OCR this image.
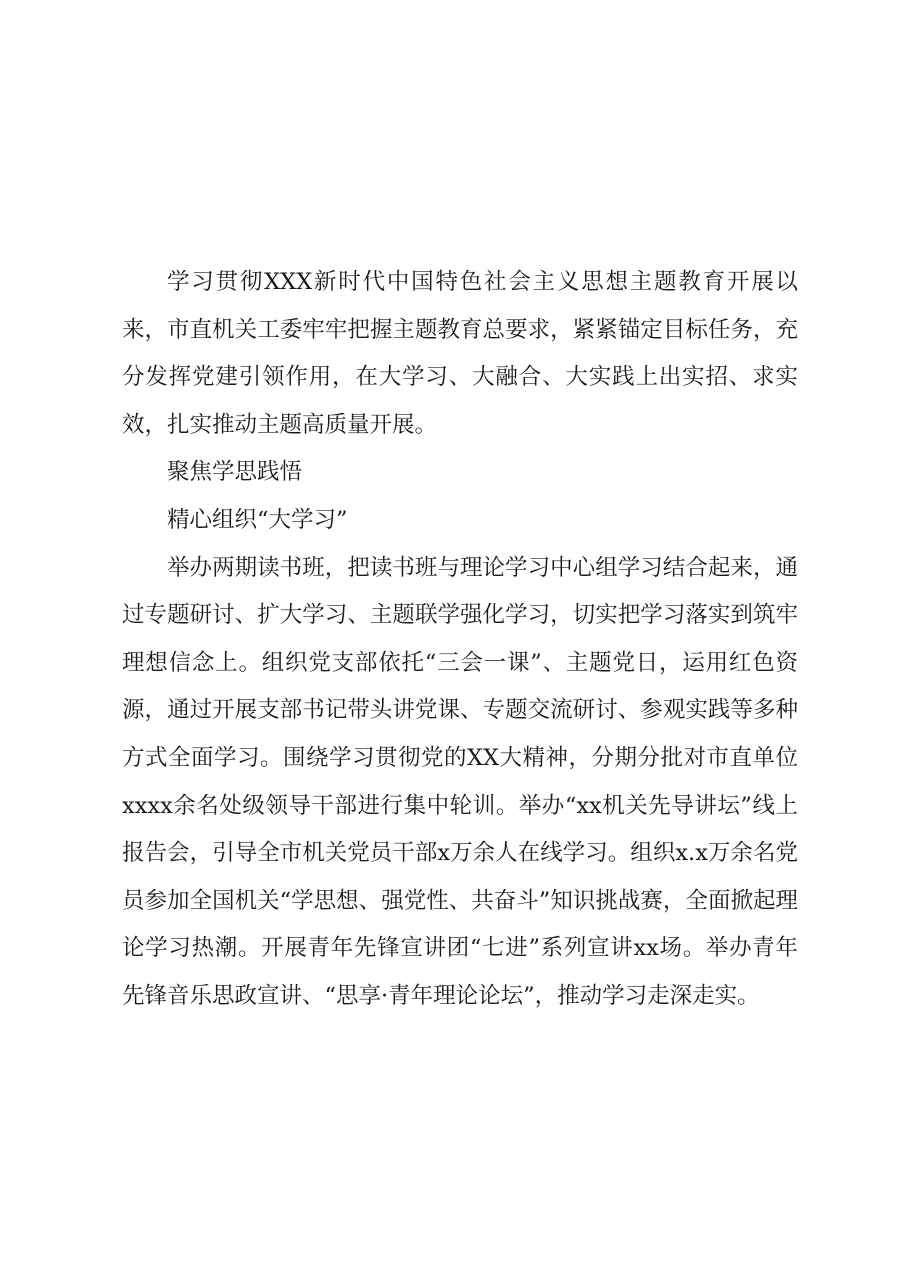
学习贯彻XXX新时代中国特色社会主义思想主题教育开展以来，市直机关工委牢牢把握主题教育总要求，紧紧锚定目标任务，充分发挥党建引领作用，在大学习、大融合、大实践上出实招、求实效，扎实推动主题高质量开展。

聚焦学思践悟

精心组织“大学习”

举办两期读书班，把读书班与理论学习中心组学习结合起来，通过专题研讨、扩大学习、主题联学强化学习，切实把学习落实到筑牢理想信念上。组织党支部依托“三会一课”、主题党日，运用红色资源，通过开展支部书记带头讲党课、专题交流研讨、参观实践等多种方式全面学习。围绕学习贯彻党的XX大精神，分期分批对市直单位xxxx余名处级领导干部进行集中轮训。举办“xx机关先导讲坛”线上报告会，引导全市机关党员干部x万余人在线学习。组织x.x万余名党员参加全国机关“学思想、强党性、共奋斗”知识挑战赛，全面掀起理论学习热潮。开展青年先锋宣讲团“七进”系列宣讲xx场。举办青年先锋音乐思政宣讲、“思享·青年理论论坛”，推动学习走深走实。
